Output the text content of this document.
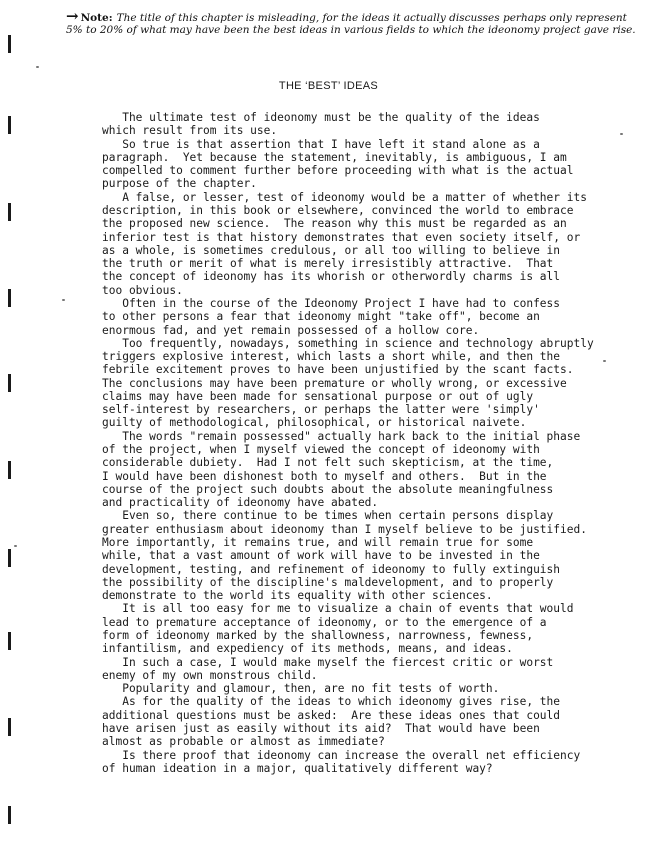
→ Note: The title of this chapter is misleading, for the ideas it actually discusses perhaps only represent 5% to 20% of what may have been the best ideas in various fields to which the ideonomy project gave rise.
THE ‘BEST’ IDEAS

The ultimate test of ideonomy must be the quality of the ideas
which result from its use.

So true is that assertion that I have left it stand alone as a
paragraph.  Yet because the statement, inevitably, is ambiguous, I am
compelled to comment further before proceeding with what is the actual
purpose of the chapter.

A false, or lesser, test of ideonomy would be a matter of whether its
description, in this book or elsewhere, convinced the world to embrace
the proposed new science.  The reason why this must be regarded as an
inferior test is that history demonstrates that even society itself, or
as a whole, is sometimes credulous, or all too willing to believe in
the truth or merit of what is merely irresistibly attractive.  That
the concept of ideonomy has its whorish or otherwordly charms is all
too obvious.

Often in the course of the Ideonomy Project I have had to confess
to other persons a fear that ideonomy might "take off", become an
enormous fad, and yet remain possessed of a hollow core.

Too frequently, nowadays, something in science and technology abruptly
triggers explosive interest, which lasts a short while, and then the
febrile excitement proves to have been unjustified by the scant facts.
The conclusions may have been premature or wholly wrong, or excessive
claims may have been made for sensational purpose or out of ugly
self-interest by researchers, or perhaps the latter were 'simply'
guilty of methodological, philosophical, or historical naivete.

The words "remain possessed" actually hark back to the initial phase
of the project, when I myself viewed the concept of ideonomy with
considerable dubiety.  Had I not felt such skepticism, at the time,
I would have been dishonest both to myself and others.  But in the
course of the project such doubts about the absolute meaningfulness
and practicality of ideonomy have abated.

Even so, there continue to be times when certain persons display
greater enthusiasm about ideonomy than I myself believe to be justified.
More importantly, it remains true, and will remain true for some
while, that a vast amount of work will have to be invested in the
development, testing, and refinement of ideonomy to fully extinguish
the possibility of the discipline's maldevelopment, and to properly
demonstrate to the world its equality with other sciences.

It is all too easy for me to visualize a chain of events that would
lead to premature acceptance of ideonomy, or to the emergence of a
form of ideonomy marked by the shallowness, narrowness, fewness,
infantilism, and expediency of its methods, means, and ideas.

In such a case, I would make myself the fiercest critic or worst
enemy of my own monstrous child.

Popularity and glamour, then, are no fit tests of worth.

As for the quality of the ideas to which ideonomy gives rise, the
additional questions must be asked:  Are these ideas ones that could
have arisen just as easily without its aid?  That would have been
almost as probable or almost as immediate?

Is there proof that ideonomy can increase the overall net efficiency
of human ideation in a major, qualitatively different way?
